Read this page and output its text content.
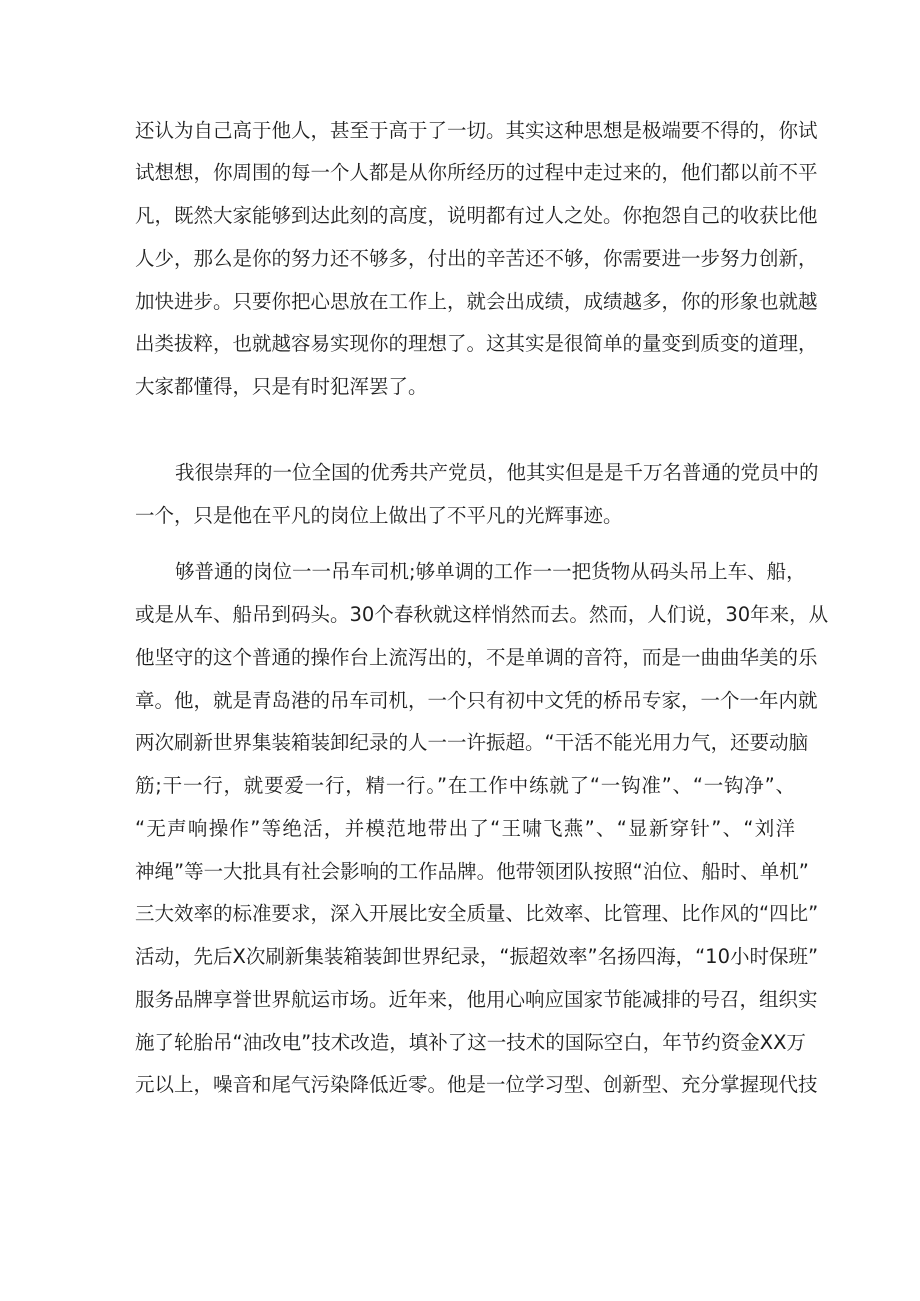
还认为自己高于他人，甚至于高于了一切。其实这种思想是极端要不得的，你试
试想想，你周围的每一个人都是从你所经历的过程中走过来的，他们都以前不平
凡，既然大家能够到达此刻的高度，说明都有过人之处。你抱怨自己的收获比他
人少，那么是你的努力还不够多，付出的辛苦还不够，你需要进一步努力创新，
加快进步。只要你把心思放在工作上，就会出成绩，成绩越多，你的形象也就越
出类拔粹，也就越容易实现你的理想了。这其实是很简单的量变到质变的道理，
大家都懂得，只是有时犯浑罢了。
我很崇拜的一位全国的优秀共产党员，他其实但是是千万名普通的党员中的
一个，只是他在平凡的岗位上做出了不平凡的光辉事迹。
够普通的岗位一一吊车司机;够单调的工作一一把货物从码头吊上车、船，
或是从车、船吊到码头。30个春秋就这样悄然而去。然而，人们说，30年来，从
他坚守的这个普通的操作台上流泻出的，不是单调的音符，而是一曲曲华美的乐
章。他，就是青岛港的吊车司机，一个只有初中文凭的桥吊专家，一个一年内就
两次刷新世界集装箱装卸纪录的人一一许振超。“干活不能光用力气，还要动脑
筋;干一行，就要爱一行，精一行。”在工作中练就了“一钩准”、“一钩净”、
“无声响操作”等绝活，并模范地带出了“王啸飞燕”、“显新穿针”、“刘洋
神绳”等一大批具有社会影响的工作品牌。他带领团队按照“泊位、船时、单机”
三大效率的标准要求，深入开展比安全质量、比效率、比管理、比作风的“四比”
活动，先后X次刷新集装箱装卸世界纪录，“振超效率”名扬四海，“10小时保班”
服务品牌享誉世界航运市场。近年来，他用心响应国家节能减排的号召，组织实
施了轮胎吊“油改电”技术改造，填补了这一技术的国际空白，年节约资金XX万
元以上，噪音和尾气污染降低近零。他是一位学习型、创新型、充分掌握现代技
